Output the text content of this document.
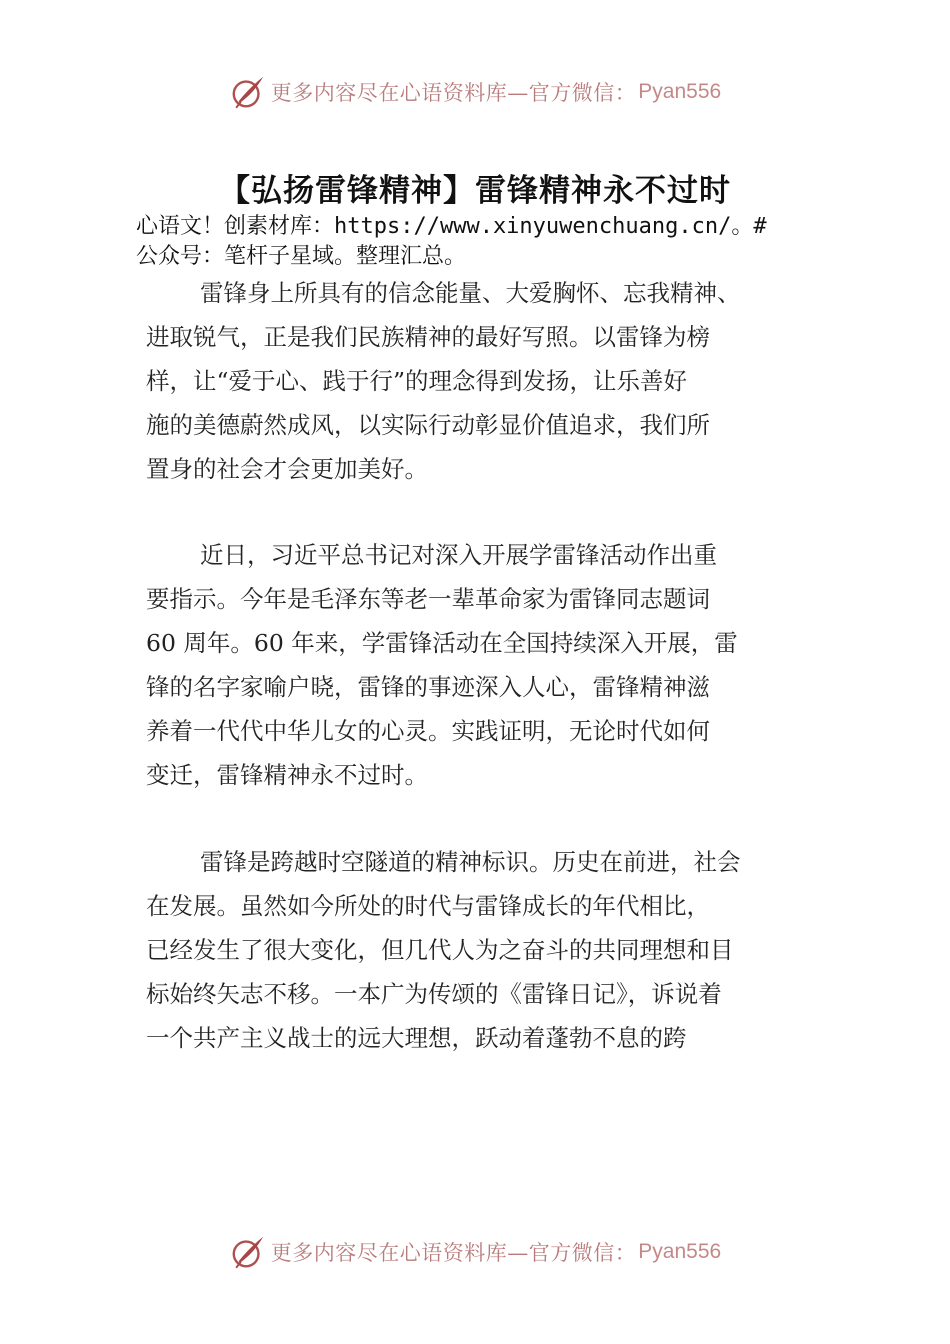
更多内容尽在心语资料库—官方微信： Pyan556
【弘扬雷锋精神】雷锋精神永不过时
心语文！创素材库：https://www.xinyuwenchuang.cn/。#
公众号：笔杆子星域。整理汇总。
雷锋身上所具有的信念能量、大爱胸怀、忘我精神、
进取锐气，正是我们民族精神的最好写照。以雷锋为榜
样，让“爱于心、践于行”的理念得到发扬，让乐善好
施的美德蔚然成风，以实际行动彰显价值追求，我们所
置身的社会才会更加美好。
近日，习近平总书记对深入开展学雷锋活动作出重
要指示。今年是毛泽东等老一辈革命家为雷锋同志题词
60 周年。60 年来，学雷锋活动在全国持续深入开展，雷
锋的名字家喻户晓，雷锋的事迹深入人心，雷锋精神滋
养着一代代中华儿女的心灵。实践证明，无论时代如何
变迁，雷锋精神永不过时。
雷锋是跨越时空隧道的精神标识。历史在前进，社会
在发展。虽然如今所处的时代与雷锋成长的年代相比，
已经发生了很大变化，但几代人为之奋斗的共同理想和目
标始终矢志不移。一本广为传颂的《雷锋日记》，诉说着
一个共产主义战士的远大理想，跃动着蓬勃不息的跨
更多内容尽在心语资料库—官方微信： Pyan556
